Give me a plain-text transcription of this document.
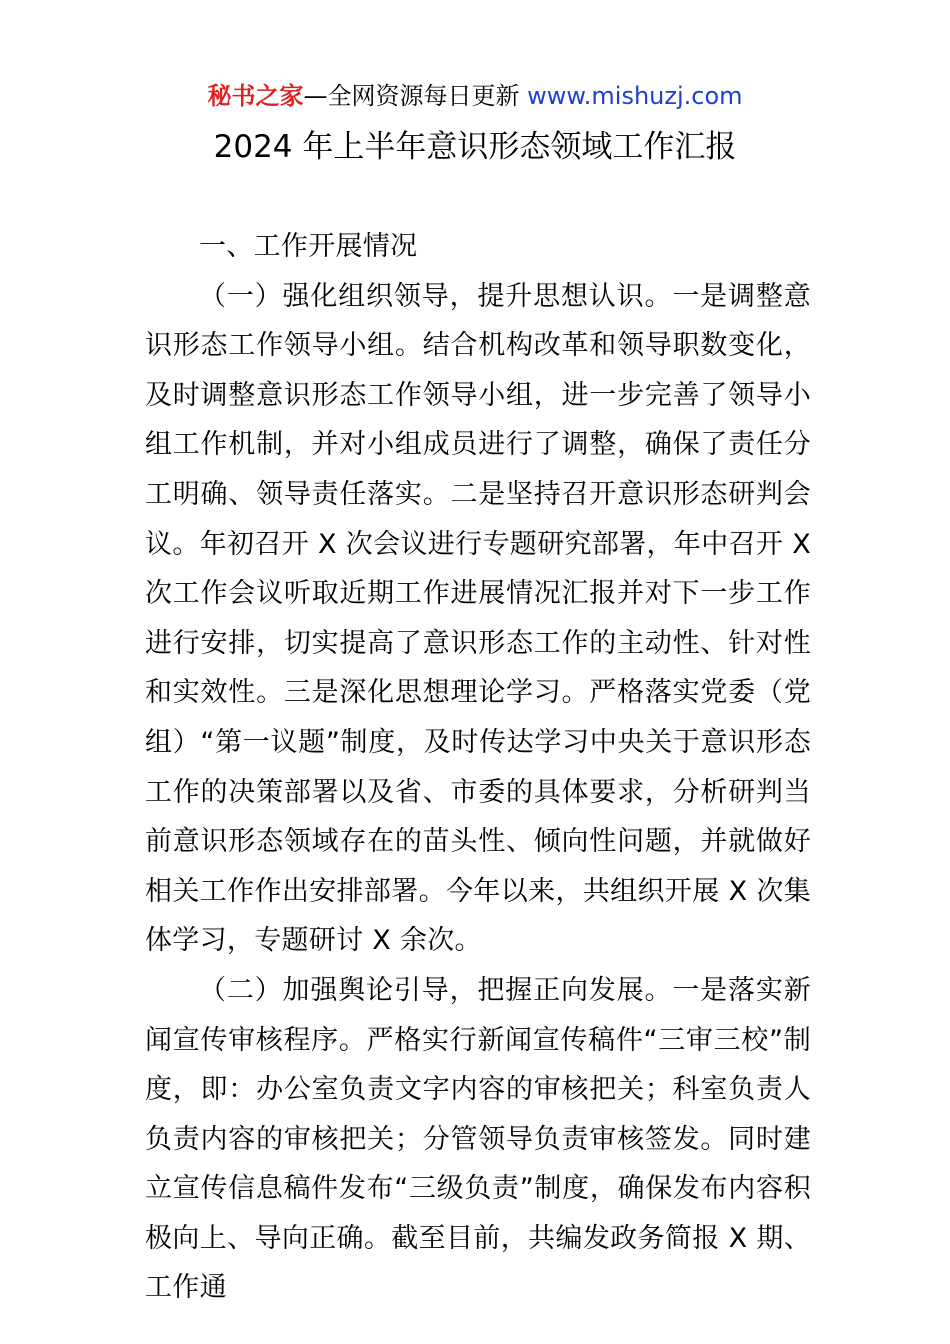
秘书之家—全网资源每日更新 www.mishuzj.com
2024 年上半年意识形态领域工作汇报

一、工作开展情况

（一）强化组织领导，提升思想认识。一是调整意识形态工作领导小组。结合机构改革和领导职数变化，及时调整意识形态工作领导小组，进一步完善了领导小组工作机制，并对小组成员进行了调整，确保了责任分工明确、领导责任落实。二是坚持召开意识形态研判会议。年初召开 X 次会议进行专题研究部署，年中召开 X 次工作会议听取近期工作进展情况汇报并对下一步工作进行安排，切实提高了意识形态工作的主动性、针对性和实效性。三是深化思想理论学习。严格落实党委（党组）“第一议题”制度，及时传达学习中央关于意识形态工作的决策部署以及省、市委的具体要求，分析研判当前意识形态领域存在的苗头性、倾向性问题，并就做好相关工作作出安排部署。今年以来，共组织开展 X 次集体学习，专题研讨 X 余次。

（二）加强舆论引导，把握正向发展。一是落实新闻宣传审核程序。严格实行新闻宣传稿件“三审三校”制度，即：办公室负责文字内容的审核把关；科室负责人负责内容的审核把关；分管领导负责审核签发。同时建立宣传信息稿件发布“三级负责”制度，确保发布内容积极向上、导向正确。截至目前，共编发政务简报 X 期、工作通
